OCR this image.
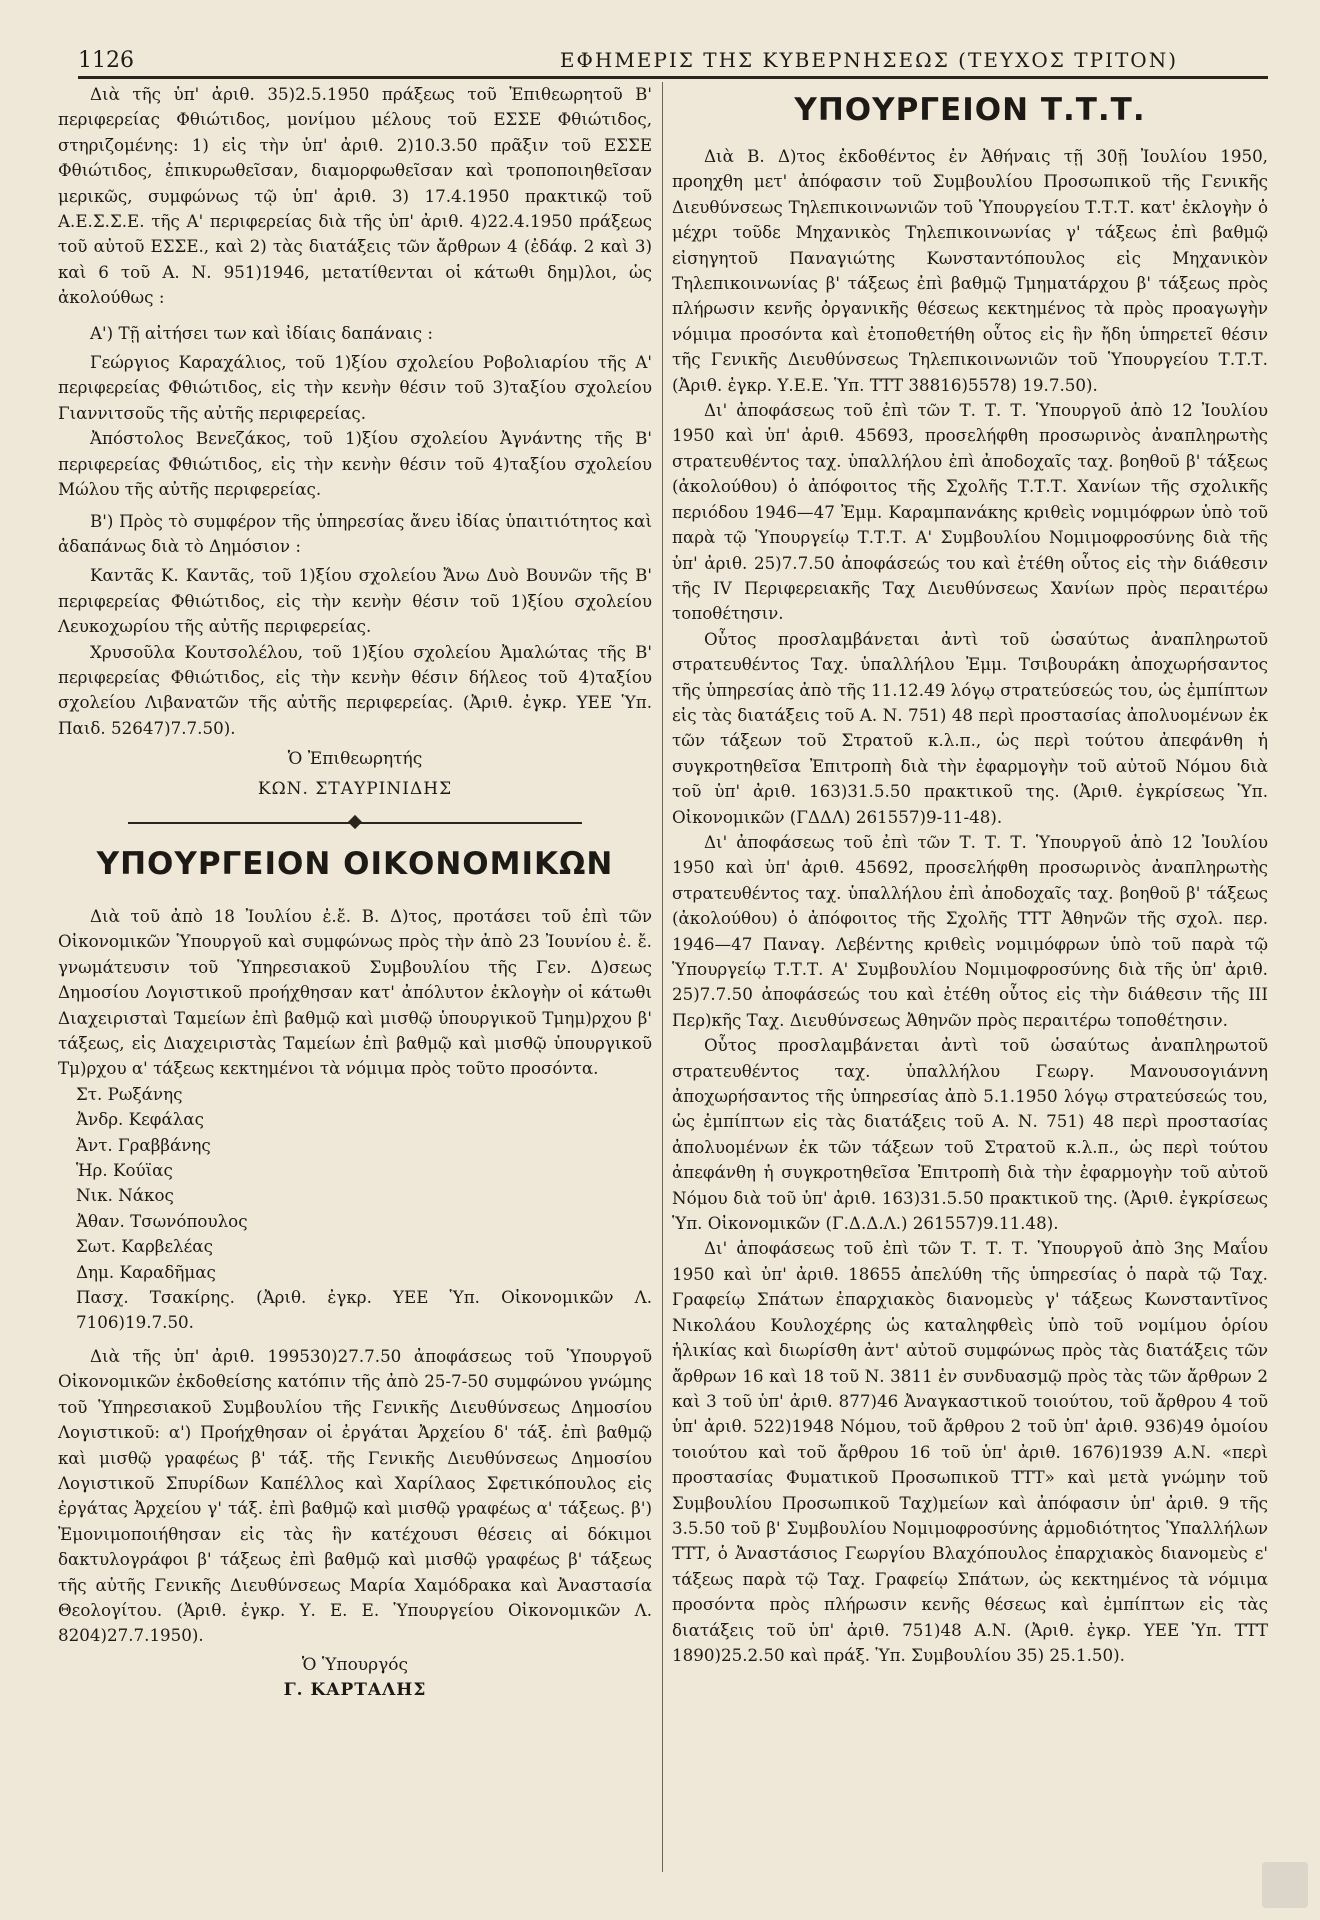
1126	ΕΦΗΜΕΡΙΣ ΤΗΣ ΚΥΒΕΡΝΗΣΕΩΣ (ΤΕΥΧΟΣ ΤΡΙΤΟΝ)

Διὰ τῆς ὑπ' ἀριθ. 35)2.5.1950 πράξεως τοῦ Ἐπιθεωρητοῦ Β' περιφερείας Φθιώτιδος, μονίμου μέλους τοῦ ΕΣΣΕ Φθιώτιδος, στηριζομένης: 1) εἰς τὴν ὑπ' ἀριθ. 2)10.3.50 πρᾶξιν τοῦ ΕΣΣΕ Φθιώτιδος, ἐπικυρωθεῖσαν, διαμορφωθεῖσαν καὶ τροποποιηθεῖσαν μερικῶς, συμφώνως τῷ ὑπ' ἀριθ. 3) 17.4.1950 πρακτικῷ τοῦ Α.Ε.Σ.Σ.Ε. τῆς Α' περιφερείας διὰ τῆς ὑπ' ἀριθ. 4)22.4.1950 πράξεως τοῦ αὐτοῦ ΕΣΣΕ., καὶ 2) τὰς διατάξεις τῶν ἄρθρων 4 (ἐδάφ. 2 καὶ 3) καὶ 6 τοῦ Α. Ν. 951)1946, μετατίθενται οἱ κάτωθι δημ)λοι, ὡς ἀκολούθως :

Α') Τῇ αἰτήσει των καὶ ἰδίαις δαπάναις :

Γεώργιος Καραχάλιος, τοῦ 1)ξίου σχολείου Ροβολιαρίου τῆς Α' περιφερείας Φθιώτιδος, εἰς τὴν κενὴν θέσιν τοῦ 3)ταξίου σχολείου Γιαννιτσοῦς τῆς αὐτῆς περιφερείας.

Ἀπόστολος Βενεζάκος, τοῦ 1)ξίου σχολείου Ἀγνάντης τῆς Β' περιφερείας Φθιώτιδος, εἰς τὴν κενὴν θέσιν τοῦ 4)ταξίου σχολείου Μώλου τῆς αὐτῆς περιφερείας.

Β') Πρὸς τὸ συμφέρον τῆς ὑπηρεσίας ἄνευ ἰδίας ὑπαιτιότητος καὶ ἀδαπάνως διὰ τὸ Δημόσιον :

Καντᾶς Κ. Καντᾶς, τοῦ 1)ξίου σχολείου Ἄνω Δυὸ Βουνῶν τῆς Β' περιφερείας Φθιώτιδος, εἰς τὴν κενὴν θέσιν τοῦ 1)ξίου σχολείου Λευκοχωρίου τῆς αὐτῆς περιφερείας.

Χρυσοῦλα Κουτσολέλου, τοῦ 1)ξίου σχολείου Ἀμαλώτας τῆς Β' περιφερείας Φθιώτιδος, εἰς τὴν κενὴν θέσιν δήλεος τοῦ 4)ταξίου σχολείου Λιβανατῶν τῆς αὐτῆς περιφερείας. (Ἀριθ. ἐγκρ. ΥΕΕ Ὑπ. Παιδ. 52647)7.7.50).

Ὁ Ἐπιθεωρητής

ΚΩΝ. ΣΤΑΥΡΙΝΙΔΗΣ

ΥΠΟΥΡΓΕΙΟΝ ΟΙΚΟΝΟΜΙΚΩΝ

Διὰ τοῦ ἀπὸ 18 Ἰουλίου ἐ.ἔ. Β. Δ)τος, προτάσει τοῦ ἐπὶ τῶν Οἰκονομικῶν Ὑπουργοῦ καὶ συμφώνως πρὸς τὴν ἀπὸ 23 Ἰουνίου ἐ. ἔ. γνωμάτευσιν τοῦ Ὑπηρεσιακοῦ Συμβουλίου τῆς Γεν. Δ)σεως Δημοσίου Λογιστικοῦ προήχθησαν κατ' ἀπόλυτον ἐκλογὴν οἱ κάτωθι Διαχειρισταὶ Ταμείων ἐπὶ βαθμῷ καὶ μισθῷ ὑπουργικοῦ Τμημ)ρχου β' τάξεως, εἰς Διαχειριστὰς Ταμείων ἐπὶ βαθμῷ καὶ μισθῷ ὑπουργικοῦ Τμ)ρχου α' τάξεως κεκτημένοι τὰ νόμιμα πρὸς τοῦτο προσόντα.

Στ. Ρωξάνης

Ἀνδρ. Κεφάλας

Ἀντ. Γραββάνης

Ἡρ. Κούϊας

Νικ. Νάκος

Ἀθαν. Τσωνόπουλος

Σωτ. Καρβελέας

Δημ. Καραδῆμας

Πασχ. Τσακίρης. (Ἀριθ. ἐγκρ. ΥΕΕ Ὑπ. Οἰκονομικῶν Λ. 7106)19.7.50.

Διὰ τῆς ὑπ' ἀριθ. 199530)27.7.50 ἀποφάσεως τοῦ Ὑπουργοῦ Οἰκονομικῶν ἐκδοθείσης κατόπιν τῆς ἀπὸ 25-7-50 συμφώνου γνώμης τοῦ Ὑπηρεσιακοῦ Συμβουλίου τῆς Γενικῆς Διευθύνσεως Δημοσίου Λογιστικοῦ: α') Προήχθησαν οἱ ἐργάται Ἀρχείου δ' τάξ. ἐπὶ βαθμῷ καὶ μισθῷ γραφέως β' τάξ. τῆς Γενικῆς Διευθύνσεως Δημοσίου Λογιστικοῦ Σπυρίδων Καπέλλος καὶ Χαρίλαος Σφετικόπουλος εἰς ἐργάτας Ἀρχείου γ' τάξ. ἐπὶ βαθμῷ καὶ μισθῷ γραφέως α' τάξεως. β') Ἐμονιμοποιήθησαν εἰς τὰς ἣν κατέχουσι θέσεις αἱ δόκιμοι δακτυλογράφοι β' τάξεως ἐπὶ βαθμῷ καὶ μισθῷ γραφέως β' τάξεως τῆς αὐτῆς Γενικῆς Διευθύνσεως Μαρία Χαμόδρακα καὶ Ἀναστασία Θεολογίτου. (Ἀριθ. ἐγκρ. Υ. Ε. Ε. Ὑπουργείου Οἰκονομικῶν Λ. 8204)27.7.1950).

Ὁ Ὑπουργός

Γ. ΚΑΡΤΑΛΗΣ

ΥΠΟΥΡΓΕΙΟΝ Τ.Τ.Τ.

Διὰ Β. Δ)τος ἐκδοθέντος ἐν Ἀθήναις τῇ 30ῇ Ἰουλίου 1950, προηχθη μετ' ἀπόφασιν τοῦ Συμβουλίου Προσωπικοῦ τῆς Γενικῆς Διευθύνσεως Τηλεπικοινωνιῶν τοῦ Ὑπουργείου Τ.Τ.Τ. κατ' ἐκλογὴν ὁ μέχρι τοῦδε Μηχανικὸς Τηλεπικοινωνίας γ' τάξεως ἐπὶ βαθμῷ εἰσηγητοῦ Παναγιώτης Κωνσταντόπουλος εἰς Μηχανικὸν Τηλεπικοινωνίας β' τάξεως ἐπὶ βαθμῷ Τμηματάρχου β' τάξεως πρὸς πλήρωσιν κενῆς ὀργανικῆς θέσεως κεκτημένος τὰ πρὸς προαγωγὴν νόμιμα προσόντα καὶ ἐτοποθετήθη οὗτος εἰς ἣν ἤδη ὑπηρετεῖ θέσιν τῆς Γενικῆς Διευθύνσεως Τηλεπικοινωνιῶν τοῦ Ὑπουργείου Τ.Τ.Τ. (Ἀριθ. ἐγκρ. Υ.Ε.Ε. Ὑπ. ΤΤΤ 38816)5578) 19.7.50).

Δι' ἀποφάσεως τοῦ ἐπὶ τῶν Τ. Τ. Τ. Ὑπουργοῦ ἀπὸ 12 Ἰουλίου 1950 καὶ ὑπ' ἀριθ. 45693, προσελήφθη προσωρινὸς ἀναπληρωτὴς στρατευθέντος ταχ. ὑπαλλήλου ἐπὶ ἀποδοχαῖς ταχ. βοηθοῦ β' τάξεως (ἀκολούθου) ὁ ἀπόφοιτος τῆς Σχολῆς Τ.Τ.Τ. Χανίων τῆς σχολικῆς περιόδου 1946—47 Ἐμμ. Καραμπανάκης κριθεὶς νομιμόφρων ὑπὸ τοῦ παρὰ τῷ Ὑπουργείῳ Τ.Τ.Τ. Α' Συμβουλίου Νομιμοφροσύνης διὰ τῆς ὑπ' ἀριθ. 25)7.7.50 ἀποφάσεώς του καὶ ἐτέθη οὗτος εἰς τὴν διάθεσιν τῆς IV Περιφερειακῆς Ταχ Διευθύνσεως Χανίων πρὸς περαιτέρω τοποθέτησιν.

Οὗτος προσλαμβάνεται ἀντὶ τοῦ ὡσαύτως ἀναπληρωτοῦ στρατευθέντος Ταχ. ὑπαλλήλου Ἐμμ. Τσιβουράκη ἀποχωρήσαντος τῆς ὑπηρεσίας ἀπὸ τῆς 11.12.49 λόγῳ στρατεύσεώς του, ὡς ἐμπίπτων εἰς τὰς διατάξεις τοῦ Α. Ν. 751) 48 περὶ προστασίας ἀπολυομένων ἐκ τῶν τάξεων τοῦ Στρατοῦ κ.λ.π., ὡς περὶ τούτου ἀπεφάνθη ἡ συγκροτηθεῖσα Ἐπιτροπὴ διὰ τὴν ἐφαρμογὴν τοῦ αὐτοῦ Νόμου διὰ τοῦ ὑπ' ἀριθ. 163)31.5.50 πρακτικοῦ της. (Ἀριθ. ἐγκρίσεως Ὑπ. Οἰκονομικῶν (ΓΔΔΛ) 261557)9-11-48).

Δι' ἀποφάσεως τοῦ ἐπὶ τῶν Τ. Τ. Τ. Ὑπουργοῦ ἀπὸ 12 Ἰουλίου 1950 καὶ ὑπ' ἀριθ. 45692, προσελήφθη προσωρινὸς ἀναπληρωτὴς στρατευθέντος ταχ. ὑπαλλήλου ἐπὶ ἀποδοχαῖς ταχ. βοηθοῦ β' τάξεως (ἀκολούθου) ὁ ἀπόφοιτος τῆς Σχολῆς ΤΤΤ Ἀθηνῶν τῆς σχολ. περ. 1946—47 Παναγ. Λεβέντης κριθεὶς νομιμόφρων ὑπὸ τοῦ παρὰ τῷ Ὑπουργείῳ Τ.Τ.Τ. Α' Συμβουλίου Νομιμοφροσύνης διὰ τῆς ὑπ' ἀριθ. 25)7.7.50 ἀποφάσεώς του καὶ ἐτέθη οὗτος εἰς τὴν διάθεσιν τῆς ΙΙΙ Περ)κῆς Ταχ. Διευθύνσεως Ἀθηνῶν πρὸς περαιτέρω τοποθέτησιν.

Οὗτος προσλαμβάνεται ἀντὶ τοῦ ὡσαύτως ἀναπληρωτοῦ στρατευθέντος ταχ. ὑπαλλήλου Γεωργ. Μανουσογιάννη ἀποχωρήσαντος τῆς ὑπηρεσίας ἀπὸ 5.1.1950 λόγῳ στρατεύσεώς του, ὡς ἐμπίπτων εἰς τὰς διατάξεις τοῦ Α. Ν. 751) 48 περὶ προστασίας ἀπολυομένων ἐκ τῶν τάξεων τοῦ Στρατοῦ κ.λ.π., ὡς περὶ τούτου ἀπεφάνθη ἡ συγκροτηθεῖσα Ἐπιτροπὴ διὰ τὴν ἐφαρμογὴν τοῦ αὐτοῦ Νόμου διὰ τοῦ ὑπ' ἀριθ. 163)31.5.50 πρακτικοῦ της. (Ἀριθ. ἐγκρίσεως Ὑπ. Οἰκονομικῶν (Γ.Δ.Δ.Λ.) 261557)9.11.48).

Δι' ἀποφάσεως τοῦ ἐπὶ τῶν Τ. Τ. Τ. Ὑπουργοῦ ἀπὸ 3ης Μαΐου 1950 καὶ ὑπ' ἀριθ. 18655 ἀπελύθη τῆς ὑπηρεσίας ὁ παρὰ τῷ Ταχ. Γραφείῳ Σπάτων ἐπαρχιακὸς διανομεὺς γ' τάξεως Κωνσταντῖνος Νικολάου Κουλοχέρης ὡς καταληφθεὶς ὑπὸ τοῦ νομίμου ὁρίου ἡλικίας καὶ διωρίσθη ἀντ' αὐτοῦ συμφώνως πρὸς τὰς διατάξεις τῶν ἄρθρων 16 καὶ 18 τοῦ Ν. 3811 ἐν συνδυασμῷ πρὸς τὰς τῶν ἄρθρων 2 καὶ 3 τοῦ ὑπ' ἀριθ. 877)46 Ἀναγκαστικοῦ τοιούτου, τοῦ ἄρθρου 4 τοῦ ὑπ' ἀριθ. 522)1948 Νόμου, τοῦ ἄρθρου 2 τοῦ ὑπ' ἀριθ. 936)49 ὁμοίου τοιούτου καὶ τοῦ ἄρθρου 16 τοῦ ὑπ' ἀριθ. 1676)1939 Α.Ν. «περὶ προστασίας Φυματικοῦ Προσωπικοῦ ΤΤΤ» καὶ μετὰ γνώμην τοῦ Συμβουλίου Προσωπικοῦ Ταχ)μείων καὶ ἀπόφασιν ὑπ' ἀριθ. 9 τῆς 3.5.50 τοῦ β' Συμβουλίου Νομιμοφροσύνης ἁρμοδιότητος Ὑπαλλήλων ΤΤΤ, ὁ Ἀναστάσιος Γεωργίου Βλαχόπουλος ἐπαρχιακὸς διανομεὺς ε' τάξεως παρὰ τῷ Ταχ. Γραφείῳ Σπάτων, ὡς κεκτημένος τὰ νόμιμα προσόντα πρὸς πλήρωσιν κενῆς θέσεως καὶ ἐμπίπτων εἰς τὰς διατάξεις τοῦ ὑπ' ἀριθ. 751)48 Α.Ν. (Ἀριθ. ἐγκρ. ΥΕΕ Ὑπ. ΤΤΤ 1890)25.2.50 καὶ πράξ. Ὑπ. Συμβουλίου 35) 25.1.50).
